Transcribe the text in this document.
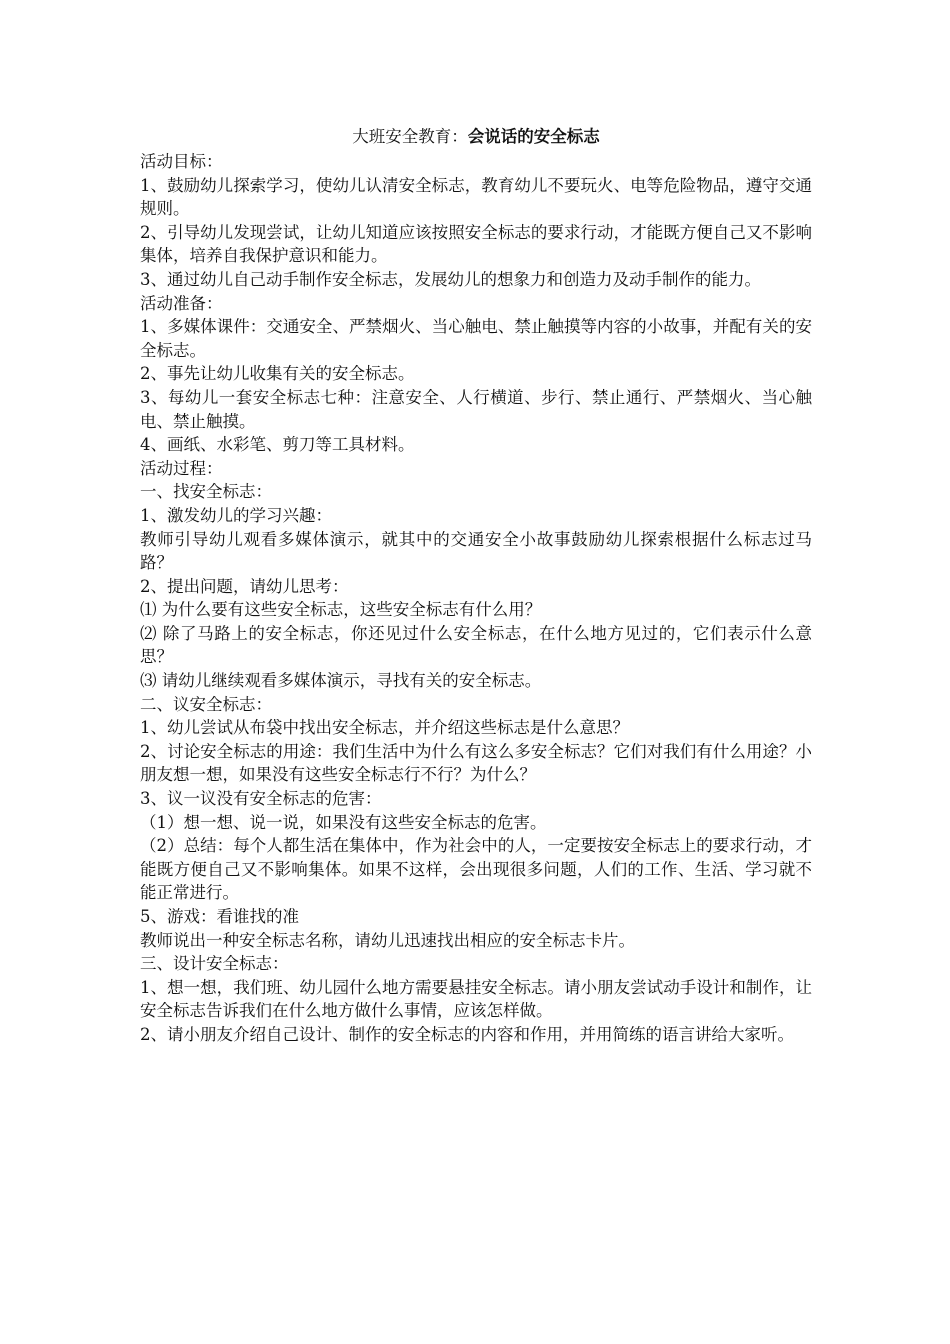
大班安全教育：会说话的安全标志

活动目标：

1、鼓励幼儿探索学习，使幼儿认清安全标志，教育幼儿不要玩火、电等危险物品，遵守交通规则。

2、引导幼儿发现尝试，让幼儿知道应该按照安全标志的要求行动，才能既方便自己又不影响集体，培养自我保护意识和能力。

3、通过幼儿自己动手制作安全标志，发展幼儿的想象力和创造力及动手制作的能力。

活动准备：

1、多媒体课件：交通安全、严禁烟火、当心触电、禁止触摸等内容的小故事，并配有关的安全标志。

2、事先让幼儿收集有关的安全标志。

3、每幼儿一套安全标志七种：注意安全、人行横道、步行、禁止通行、严禁烟火、当心触电、禁止触摸。

4、画纸、水彩笔、剪刀等工具材料。

活动过程：

一、找安全标志：

1、激发幼儿的学习兴趣：

教师引导幼儿观看多媒体演示，就其中的交通安全小故事鼓励幼儿探索根据什么标志过马路？

2、提出问题，请幼儿思考：

⑴ 为什么要有这些安全标志，这些安全标志有什么用？

⑵ 除了马路上的安全标志，你还见过什么安全标志，在什么地方见过的，它们表示什么意思？

⑶ 请幼儿继续观看多媒体演示，寻找有关的安全标志。

二、议安全标志：

1、幼儿尝试从布袋中找出安全标志，并介绍这些标志是什么意思？

2、讨论安全标志的用途：我们生活中为什么有这么多安全标志？它们对我们有什么用途？小朋友想一想，如果没有这些安全标志行不行？为什么？

3、议一议没有安全标志的危害：

（1）想一想、说一说，如果没有这些安全标志的危害。

（2）总结：每个人都生活在集体中，作为社会中的人，一定要按安全标志上的要求行动，才能既方便自己又不影响集体。如果不这样，会出现很多问题，人们的工作、生活、学习就不能正常进行。

5、游戏：看谁找的准

教师说出一种安全标志名称，请幼儿迅速找出相应的安全标志卡片。

三、设计安全标志：

1、想一想，我们班、幼儿园什么地方需要悬挂安全标志。请小朋友尝试动手设计和制作，让安全标志告诉我们在什么地方做什么事情，应该怎样做。

2、请小朋友介绍自己设计、制作的安全标志的内容和作用，并用简练的语言讲给大家听。
